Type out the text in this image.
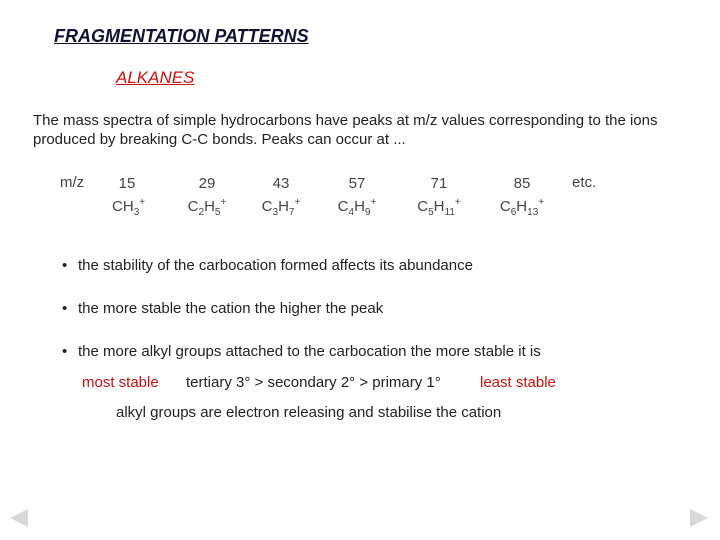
FRAGMENTATION PATTERNS
ALKANES
The mass spectra of simple hydrocarbons have peaks at m/z values corresponding to the ions produced by breaking C-C bonds. Peaks can occur at ...
m/z	15
$CH_3^+$
29
$C_2H_5^+$
43
$C_3H_7^+$
57
$C_4H_9^+$
71
$C_5H_{11}^+$
85
$C_6H_{13}^+$
etc.
• the stability of the carbocation formed affects its abundance
• the more stable the cation the higher the peak
• the more alkyl groups attached to the carbocation the more stable it is
most stable tertiary 3° > secondary 2° > primary 1°	least stable
alkyl groups are electron releasing and stabilise the cation
